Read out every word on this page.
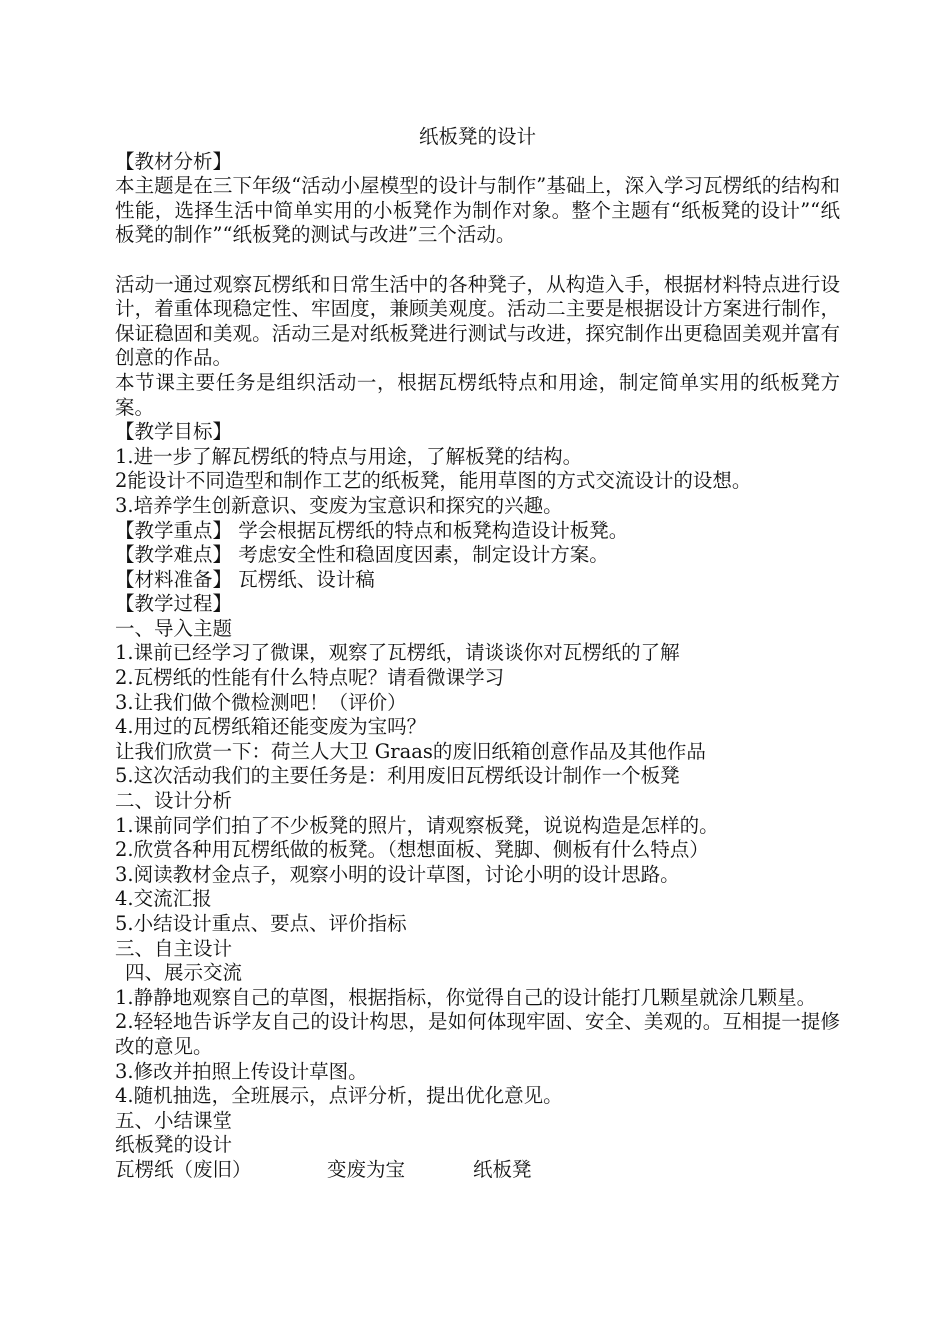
纸板凳的设计

【教材分析】

本主题是在三下年级“活动小屋模型的设计与制作”基础上，深入学习瓦楞纸的结构和性能，选择生活中简单实用的小板凳作为制作对象。整个主题有“纸板凳的设计”“纸板凳的制作”“纸板凳的测试与改进”三个活动。

活动一通过观察瓦楞纸和日常生活中的各种凳子，从构造入手，根据材料特点进行设计，着重体现稳定性、牢固度，兼顾美观度。活动二主要是根据设计方案进行制作，保证稳固和美观。活动三是对纸板凳进行测试与改进，探究制作出更稳固美观并富有创意的作品。

本节课主要任务是组织活动一，根据瓦楞纸特点和用途，制定简单实用的纸板凳方案。

【教学目标】

1.进一步了解瓦楞纸的特点与用途，了解板凳的结构。

2能设计不同造型和制作工艺的纸板凳，能用草图的方式交流设计的设想。

3.培养学生创新意识、变废为宝意识和探究的兴趣。

【教学重点】 学会根据瓦楞纸的特点和板凳构造设计板凳。

【教学难点】 考虑安全性和稳固度因素，制定设计方案。

【材料准备】 瓦楞纸、设计稿

【教学过程】

一、导入主题

1.课前已经学习了微课，观察了瓦楞纸，请谈谈你对瓦楞纸的了解

2.瓦楞纸的性能有什么特点呢？请看微课学习

3.让我们做个微检测吧！（评价）

4.用过的瓦楞纸箱还能变废为宝吗？

让我们欣赏一下：荷兰人大卫 Graas的废旧纸箱创意作品及其他作品

5.这次活动我们的主要任务是：利用废旧瓦楞纸设计制作一个板凳

二、设计分析

1.课前同学们拍了不少板凳的照片，请观察板凳，说说构造是怎样的。

2.欣赏各种用瓦楞纸做的板凳。（想想面板、凳脚、侧板有什么特点）

3.阅读教材金点子，观察小明的设计草图，讨论小明的设计思路。

4.交流汇报

5.小结设计重点、要点、评价指标

三、自主设计

四、展示交流

1.静静地观察自己的草图，根据指标，你觉得自己的设计能打几颗星就涂几颗星。

2.轻轻地告诉学友自己的设计构思，是如何体现牢固、安全、美观的。互相提一提修改的意见。

3.修改并拍照上传设计草图。

4.随机抽选，全班展示，点评分析，提出优化意见。

五、小结课堂

纸板凳的设计

瓦楞纸（废旧）	变废为宝	纸板凳
